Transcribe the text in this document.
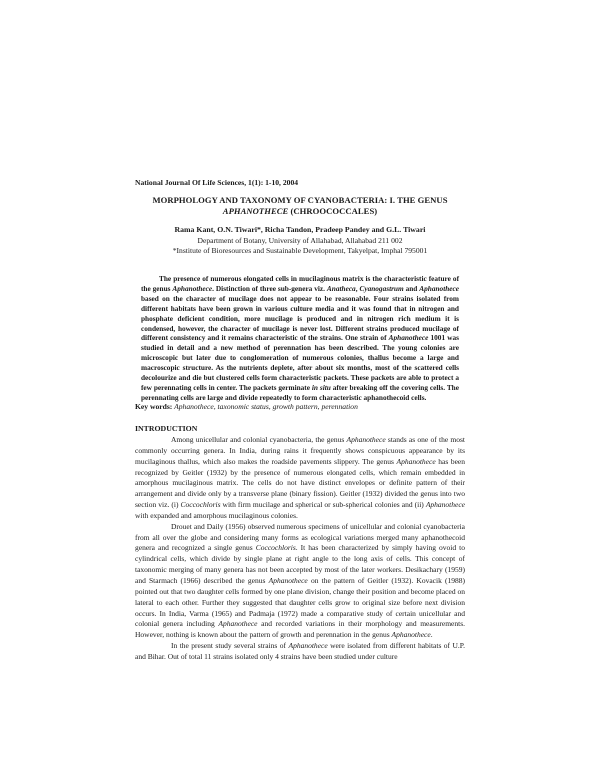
National Journal Of Life Sciences, 1(1): 1-10, 2004
MORPHOLOGY AND TAXONOMY OF CYANOBACTERIA: I. THE GENUS
APHANOTHECE (CHROOCOCCALES)
Rama Kant, O.N. Tiwari*, Richa Tandon, Pradeep Pandey and G.L. Tiwari
Department of Botany, University of Allahabad, Allahabad 211 002
*Institute of Bioresources and Sustainable Development, Takyelpat, Imphal 795001
The presence of numerous elongated cells in mucilaginous matrix is the characteristic feature of the genus Aphanothece. Distinction of three sub-genera viz. Anatheca, Cyanogastrum and Aphanothece based on the character of mucilage does not appear to be reasonable. Four strains isolated from different habitats have been grown in various culture media and it was found that in nitrogen and phosphate deficient condition, more mucilage is produced and in nitrogen rich medium it is condensed, however, the character of mucilage is never lost. Different strains produced mucilage of different consistency and it remains characteristic of the strains. One strain of Aphanothece 1001 was studied in detail and a new method of perennation has been described. The young colonies are microscopic but later due to conglomeration of numerous colonies, thallus become a large and macroscopic structure. As the nutrients deplete, after about six months, most of the scattered cells decolourize and die but clustered cells form characteristic packets. These packets are able to protect a few perennating cells in center. The packets germinate in situ after breaking off the covering cells. The perennating cells are large and divide repeatedly to form characteristic aphanothecoid cells.
Key words: Aphanothece, taxonomic status, growth pattern, perennation
INTRODUCTION

Among unicellular and colonial cyanobacteria, the genus Aphanothece stands as one of the most commonly occurring genera. In India, during rains it frequently shows conspicuous appearance by its mucilaginous thallus, which also makes the roadside pavements slippery. The genus Aphanothece has been recognized by Geitler (1932) by the presence of numerous elongated cells, which remain embedded in amorphous mucilaginous matrix. The cells do not have distinct envelopes or definite pattern of their arrangement and divide only by a transverse plane (binary fission). Geitler (1932) divided the genus into two section viz. (i) Coccochloris with firm mucilage and spherical or sub-spherical colonies and (ii) Aphanothece with expanded and amorphous mucilaginous colonies.

Drouet and Daily (1956) observed numerous specimens of unicellular and colonial cyanobacteria from all over the globe and considering many forms as ecological variations merged many aphanothecoid genera and recognized a single genus Coccochloris. It has been characterized by simply having ovoid to cylindrical cells, which divide by single plane at right angle to the long axis of cells. This concept of taxonomic merging of many genera has not been accepted by most of the later workers. Desikachary (1959) and Starmach (1966) described the genus Aphanothece on the pattern of Geitler (1932). Kovacik (1988) pointed out that two daughter cells formed by one plane division, change their position and become placed on lateral to each other. Further they suggested that daughter cells grow to original size before next division occurs. In India, Varma (1965) and Padmaja (1972) made a comparative study of certain unicellular and colonial genera including Aphanothece and recorded variations in their morphology and measurements. However, nothing is known about the pattern of growth and perennation in the genus Aphanothece.

In the present study several strains of Aphanothece were isolated from different habitats of U.P. and Bihar. Out of total 11 strains isolated only 4 strains have been studied under culture
